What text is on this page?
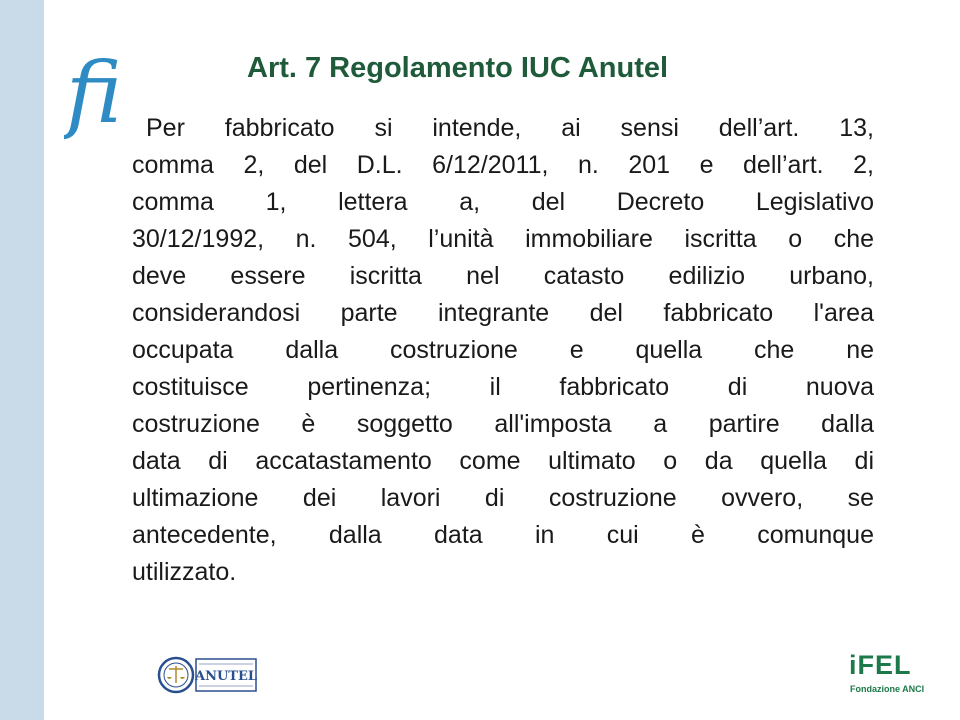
fi	Art. 7 Regolamento IUC Anutel
Per fabbricato si intende, ai sensi dell’art. 13,
comma 2, del D.L. 6/12/2011, n. 201 e dell’art. 2,
comma 1, lettera a, del Decreto Legislativo
30/12/1992, n. 504, l’unità immobiliare iscritta o che
deve essere iscritta nel catasto edilizio urbano,
considerandosi parte integrante del fabbricato l'area
occupata dalla costruzione e quella che ne
costituisce pertinenza; il fabbricato di nuova
costruzione è soggetto all'imposta a partire dalla
data di accatastamento come ultimato o da quella di
ultimazione dei lavori di costruzione ovvero, se
antecedente, dalla data in cui è comunque
utilizzato.
ANUTEL	iFEL
Fondazione ANCI
